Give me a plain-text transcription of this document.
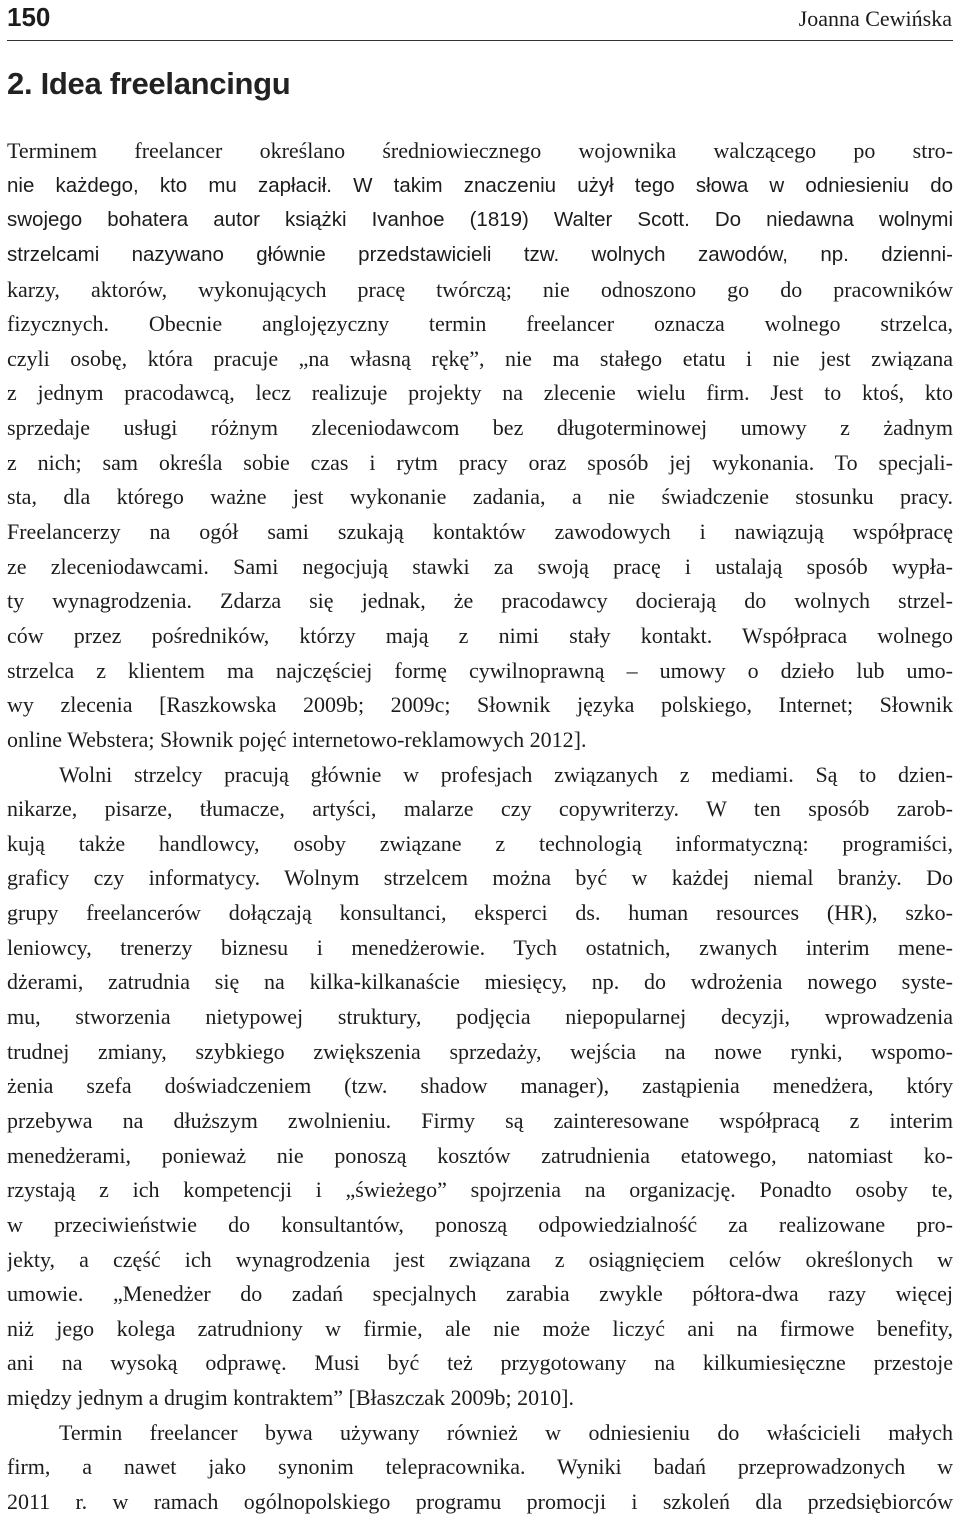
150	Joanna Cewińska
2. Idea freelancingu
Terminem freelancer określano średniowiecznego wojownika walczącego po stro-
nie każdego, kto mu zapłacił. W takim znaczeniu użył tego słowa w odniesieniu do
swojego bohatera autor książki Ivanhoe (1819) Walter Scott. Do niedawna wolnymi
strzelcami nazywano głównie przedstawicieli tzw. wolnych zawodów, np. dzienni-
karzy, aktorów, wykonujących pracę twórczą; nie odnoszono go do pracowników
fizycznych. Obecnie anglojęzyczny termin freelancer oznacza wolnego strzelca,
czyli osobę, która pracuje „na własną rękę”, nie ma stałego etatu i nie jest związana
z jednym pracodawcą, lecz realizuje projekty na zlecenie wielu firm. Jest to ktoś, kto
sprzedaje usługi różnym zleceniodawcom bez długoterminowej umowy z żadnym
z nich; sam określa sobie czas i rytm pracy oraz sposób jej wykonania. To specjali-
sta, dla którego ważne jest wykonanie zadania, a nie świadczenie stosunku pracy.
Freelancerzy na ogół sami szukają kontaktów zawodowych i nawiązują współpracę
ze zleceniodawcami. Sami negocjują stawki za swoją pracę i ustalają sposób wypła-
ty wynagrodzenia. Zdarza się jednak, że pracodawcy docierają do wolnych strzel-
ców przez pośredników, którzy mają z nimi stały kontakt. Współpraca wolnego
strzelca z klientem ma najczęściej formę cywilnoprawną – umowy o dzieło lub umo-
wy zlecenia [Raszkowska 2009b; 2009c; Słownik języka polskiego, Internet; Słownik
online Webstera; Słownik pojęć internetowo-reklamowych 2012].
Wolni strzelcy pracują głównie w profesjach związanych z mediami. Są to dzien-
nikarze, pisarze, tłumacze, artyści, malarze czy copywriterzy. W ten sposób zarob-
kują także handlowcy, osoby związane z technologią informatyczną: programiści,
graficy czy informatycy. Wolnym strzelcem można być w każdej niemal branży. Do
grupy freelancerów dołączają konsultanci, eksperci ds. human resources (HR), szko-
leniowcy, trenerzy biznesu i menedżerowie. Tych ostatnich, zwanych interim mene-
dżerami, zatrudnia się na kilka-kilkanaście miesięcy, np. do wdrożenia nowego syste-
mu, stworzenia nietypowej struktury, podjęcia niepopularnej decyzji, wprowadzenia
trudnej zmiany, szybkiego zwiększenia sprzedaży, wejścia na nowe rynki, wspomo-
żenia szefa doświadczeniem (tzw. shadow manager), zastąpienia menedżera, który
przebywa na dłuższym zwolnieniu. Firmy są zainteresowane współpracą z interim
menedżerami, ponieważ nie ponoszą kosztów zatrudnienia etatowego, natomiast ko-
rzystają z ich kompetencji i „świeżego” spojrzenia na organizację. Ponadto osoby te,
w przeciwieństwie do konsultantów, ponoszą odpowiedzialność za realizowane pro-
jekty, a część ich wynagrodzenia jest związana z osiągnięciem celów określonych w
umowie. „Menedżer do zadań specjalnych zarabia zwykle półtora-dwa razy więcej
niż jego kolega zatrudniony w firmie, ale nie może liczyć ani na firmowe benefity,
ani na wysoką odprawę. Musi być też przygotowany na kilkumiesięczne przestoje
między jednym a drugim kontraktem” [Błaszczak 2009b; 2010].
Termin freelancer bywa używany również w odniesieniu do właścicieli małych
firm, a nawet jako synonim telepracownika. Wyniki badań przeprowadzonych w
2011 r. w ramach ogólnopolskiego programu promocji i szkoleń dla przedsiębiorców
